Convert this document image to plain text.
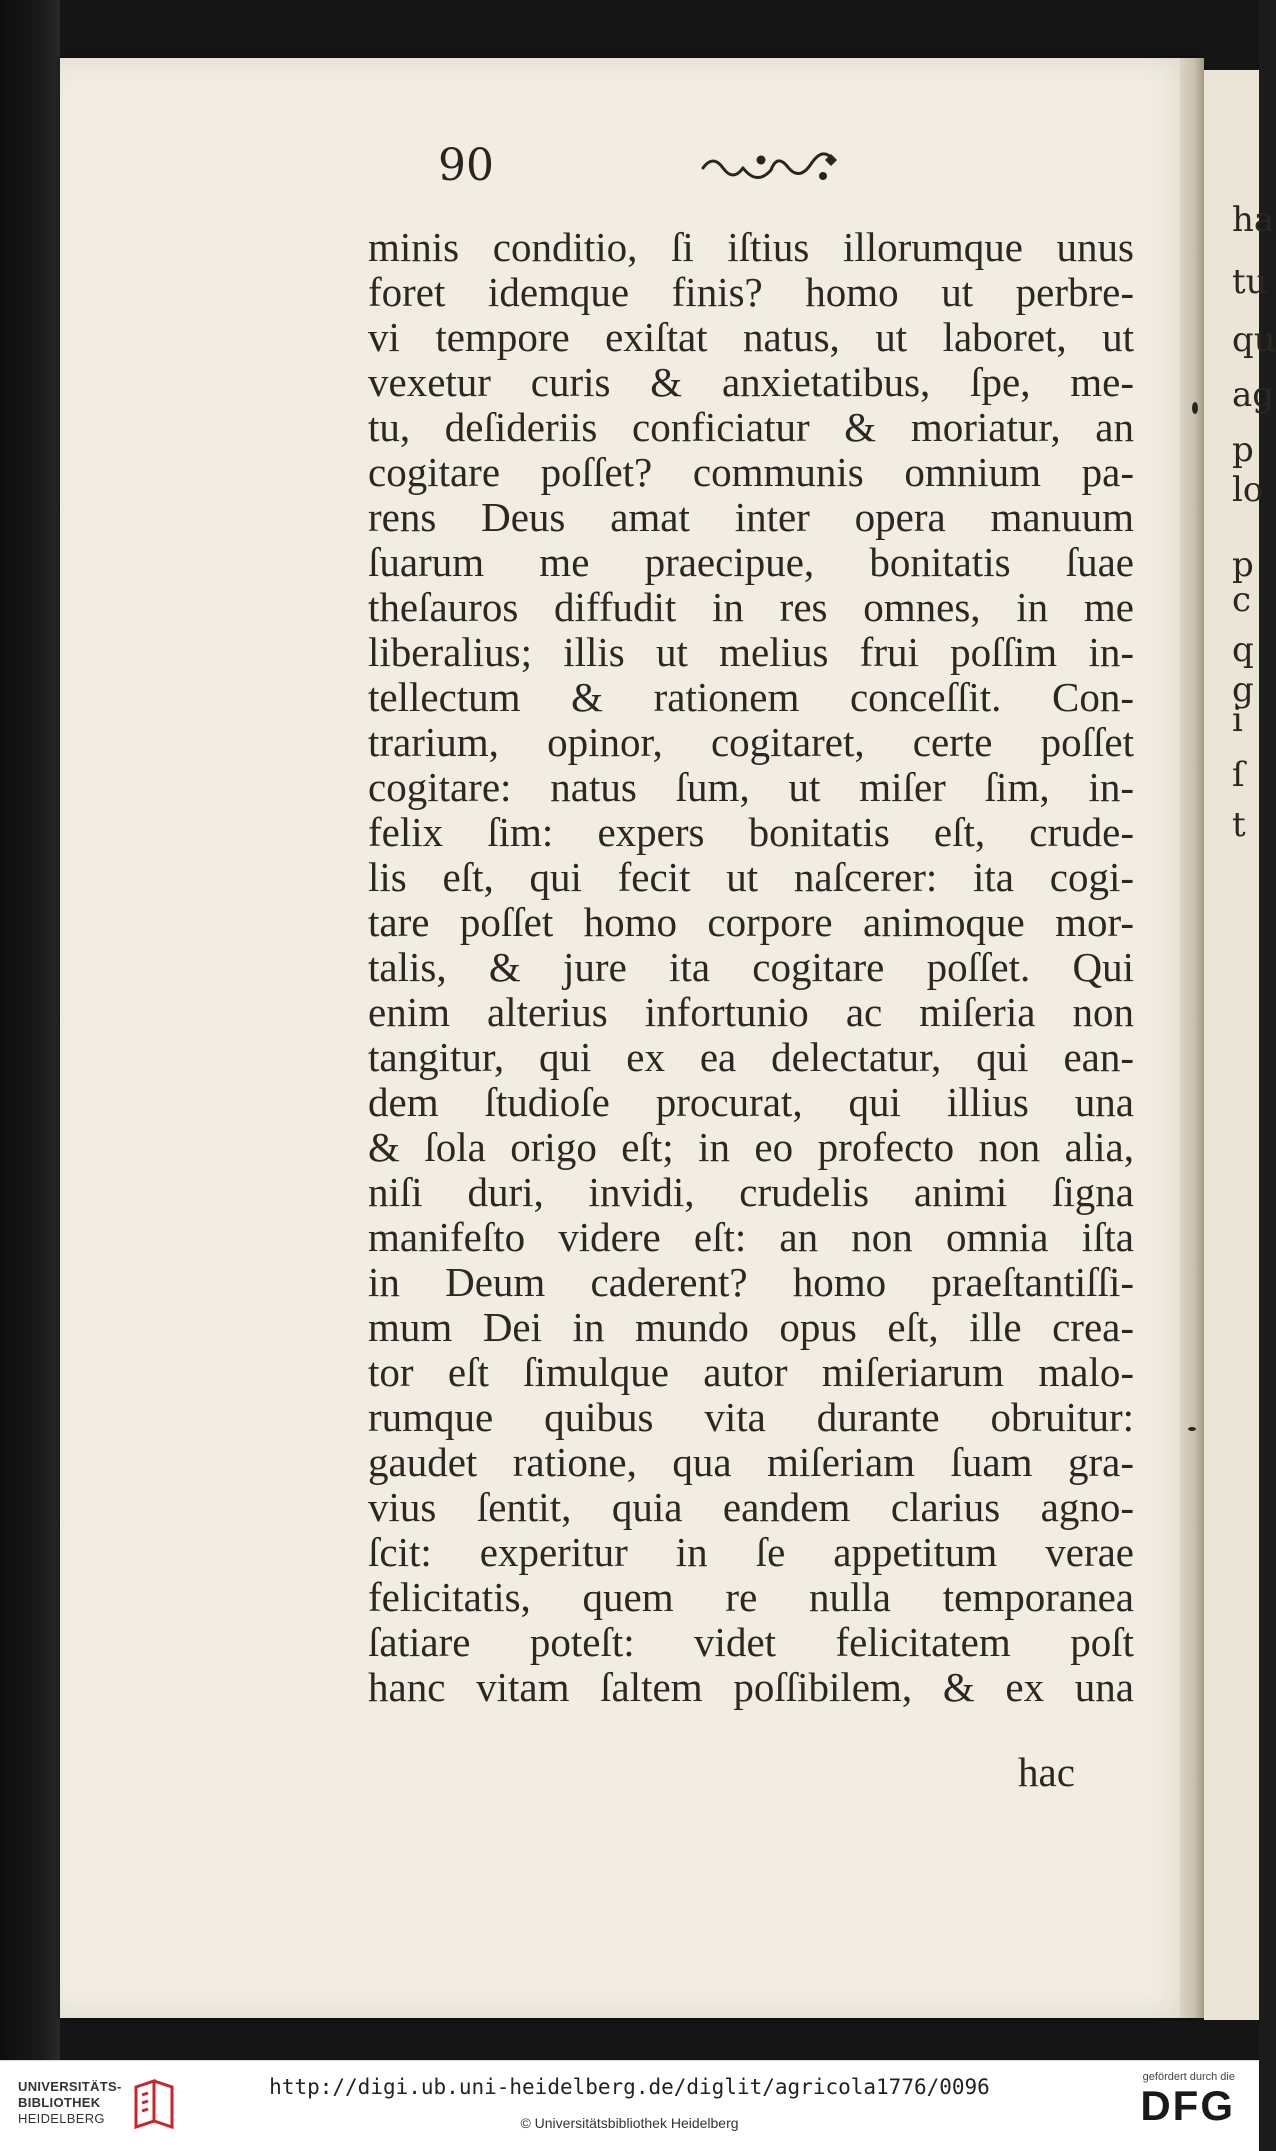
ha
tu
qu
ag
p
lo
p
c
q
g
i
ſ
t
90
minis conditio, ſi iſtius illorumque unus
foret idemque finis? homo ut perbre-
vi tempore exiſtat natus, ut laboret, ut
vexetur curis & anxietatibus, ſpe, me-
tu, deſideriis conficiatur & moriatur, an
cogitare poſſet? communis omnium pa-
rens Deus amat inter opera manuum
ſuarum me praecipue, bonitatis ſuae
theſauros diffudit in res omnes, in me
liberalius; illis ut melius frui poſſim in-
tellectum & rationem conceſſit. Con-
trarium, opinor, cogitaret, certe poſſet
cogitare: natus ſum, ut miſer ſim, in-
felix ſim: expers bonitatis eſt, crude-
lis eſt, qui fecit ut naſcerer: ita cogi-
tare poſſet homo corpore animoque mor-
talis, & jure ita cogitare poſſet. Qui
enim alterius infortunio ac miſeria non
tangitur, qui ex ea delectatur, qui ean-
dem ſtudioſe procurat, qui illius una
& ſola origo eſt; in eo profecto non alia,
niſi duri, invidi, crudelis animi ſigna
manifeſto videre eſt: an non omnia iſta
in Deum caderent? homo praeſtantiſſi-
mum Dei in mundo opus eſt, ille crea-
tor eſt ſimulque autor miſeriarum malo-
rumque quibus vita durante obruitur:
gaudet ratione, qua miſeriam ſuam gra-
vius ſentit, quia eandem clarius agno-
ſcit: experitur in ſe appetitum verae
felicitatis, quem re nulla temporanea
ſatiare poteſt: videt felicitatem poſt
hanc vitam ſaltem poſſibilem, & ex una
hac
UNIVERSITÄTS-
BIBLIOTHEK
HEIDELBERG
http://digi.ub.uni-heidelberg.de/diglit/agricola1776/0096
© Universitätsbibliothek Heidelberg
gefördert durch die
DFG
